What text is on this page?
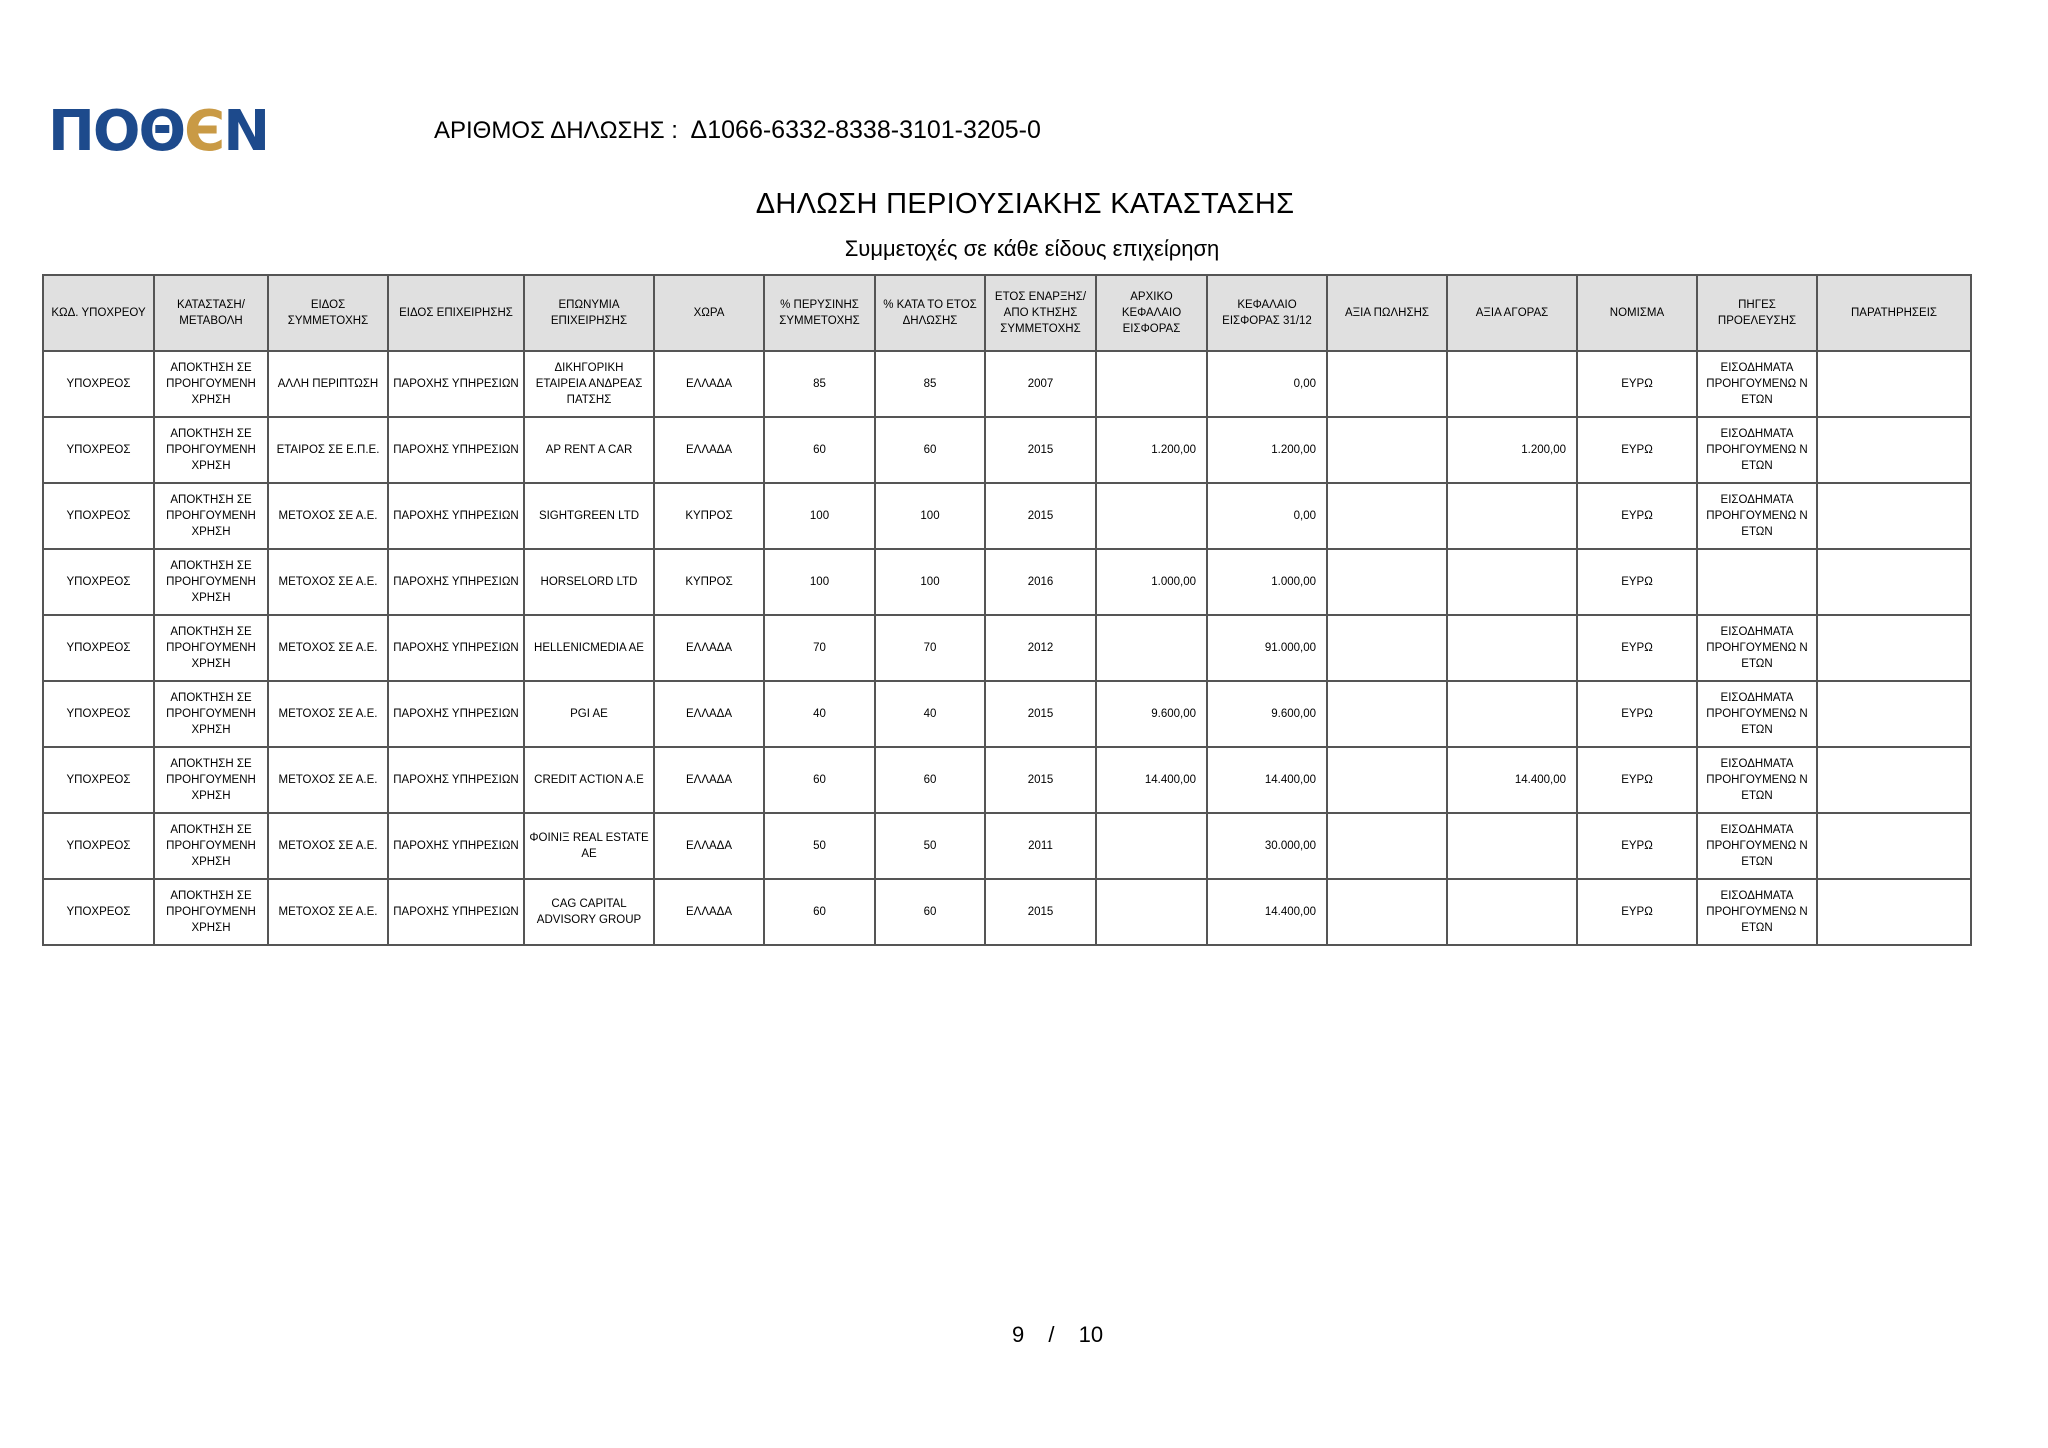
ΠΟΘ Є Ν	ΑΡΙΘΜΟΣ ΔΗΛΩΣΗΣ : Δ1066-6332-8338-3101-3205-0
ΔΗΛΩΣΗ ΠΕΡΙΟΥΣΙΑΚΗΣ ΚΑΤΑΣΤΑΣΗΣ
Συμμετοχές σε κάθε είδους επιχείρηση
ΚΩΔ. ΥΠΟΧΡΕΟΥ	ΚΑΤΑΣΤΑΣΗ/ ΜΕΤΑΒΟΛΗ	ΕΙΔΟΣ ΣΥΜΜΕΤΟΧΗΣ	ΕΙΔΟΣ ΕΠΙΧΕΙΡΗΣΗΣ	ΕΠΩΝΥΜΙΑ ΕΠΙΧΕΙΡΗΣΗΣ	ΧΩΡΑ	% ΠΕΡΥΣΙΝΗΣ ΣΥΜΜΕΤΟΧΗΣ	% ΚΑΤΑ ΤΟ ΕΤΟΣ ΔΗΛΩΣΗΣ	ΕΤΟΣ ΕΝΑΡΞΗΣ/ΑΠΟ ΚΤΗΣΗΣ ΣΥΜΜΕΤΟΧΗΣ	ΑΡΧΙΚΟ ΚΕΦΑΛΑΙΟ ΕΙΣΦΟΡΑΣ	ΚΕΦΑΛΑΙΟ ΕΙΣΦΟΡΑΣ 31/12	ΑΞΙΑ ΠΩΛΗΣΗΣ	ΑΞΙΑ ΑΓΟΡΑΣ	ΝΟΜΙΣΜΑ	ΠΗΓΕΣ ΠΡΟΕΛΕΥΣΗΣ	ΠΑΡΑΤΗΡΗΣΕΙΣ
ΥΠΟΧΡΕΟΣ	ΑΠΟΚΤΗΣΗ ΣΕ ΠΡΟΗΓΟΥΜΕΝΗ ΧΡΗΣΗ	ΑΛΛΗ ΠΕΡΙΠΤΩΣΗ	ΠΑΡΟΧΗΣ ΥΠΗΡΕΣΙΩΝ	ΔΙΚΗΓΟΡΙΚΗ ΕΤΑΙΡΕΙΑ ΑΝΔΡΕΑΣ ΠΑΤΣΗΣ	ΕΛΛΑΔΑ	85	85	2007		0,00			ΕΥΡΩ	ΕΙΣΟΔΗΜΑΤΑ ΠΡΟΗΓΟΥΜΕΝΩ Ν ΕΤΩΝ	
ΥΠΟΧΡΕΟΣ	ΑΠΟΚΤΗΣΗ ΣΕ ΠΡΟΗΓΟΥΜΕΝΗ ΧΡΗΣΗ	ΕΤΑΙΡΟΣ ΣΕ Ε.Π.Ε.	ΠΑΡΟΧΗΣ ΥΠΗΡΕΣΙΩΝ	AP RENT A CAR	ΕΛΛΑΔΑ	60	60	2015	1.200,00	1.200,00		1.200,00	ΕΥΡΩ	ΕΙΣΟΔΗΜΑΤΑ ΠΡΟΗΓΟΥΜΕΝΩ Ν ΕΤΩΝ	
ΥΠΟΧΡΕΟΣ	ΑΠΟΚΤΗΣΗ ΣΕ ΠΡΟΗΓΟΥΜΕΝΗ ΧΡΗΣΗ	ΜΕΤΟΧΟΣ ΣΕ Α.Ε.	ΠΑΡΟΧΗΣ ΥΠΗΡΕΣΙΩΝ	SIGHTGREEN LTD	ΚΥΠΡΟΣ	100	100	2015		0,00			ΕΥΡΩ	ΕΙΣΟΔΗΜΑΤΑ ΠΡΟΗΓΟΥΜΕΝΩ Ν ΕΤΩΝ	
ΥΠΟΧΡΕΟΣ	ΑΠΟΚΤΗΣΗ ΣΕ ΠΡΟΗΓΟΥΜΕΝΗ ΧΡΗΣΗ	ΜΕΤΟΧΟΣ ΣΕ Α.Ε.	ΠΑΡΟΧΗΣ ΥΠΗΡΕΣΙΩΝ	HORSELORD LTD	ΚΥΠΡΟΣ	100	100	2016	1.000,00	1.000,00			ΕΥΡΩ		
ΥΠΟΧΡΕΟΣ	ΑΠΟΚΤΗΣΗ ΣΕ ΠΡΟΗΓΟΥΜΕΝΗ ΧΡΗΣΗ	ΜΕΤΟΧΟΣ ΣΕ Α.Ε.	ΠΑΡΟΧΗΣ ΥΠΗΡΕΣΙΩΝ	HELLENICMEDIA AE	ΕΛΛΑΔΑ	70	70	2012		91.000,00			ΕΥΡΩ	ΕΙΣΟΔΗΜΑΤΑ ΠΡΟΗΓΟΥΜΕΝΩ Ν ΕΤΩΝ	
ΥΠΟΧΡΕΟΣ	ΑΠΟΚΤΗΣΗ ΣΕ ΠΡΟΗΓΟΥΜΕΝΗ ΧΡΗΣΗ	ΜΕΤΟΧΟΣ ΣΕ Α.Ε.	ΠΑΡΟΧΗΣ ΥΠΗΡΕΣΙΩΝ	PGI AE	ΕΛΛΑΔΑ	40	40	2015	9.600,00	9.600,00			ΕΥΡΩ	ΕΙΣΟΔΗΜΑΤΑ ΠΡΟΗΓΟΥΜΕΝΩ Ν ΕΤΩΝ	
ΥΠΟΧΡΕΟΣ	ΑΠΟΚΤΗΣΗ ΣΕ ΠΡΟΗΓΟΥΜΕΝΗ ΧΡΗΣΗ	ΜΕΤΟΧΟΣ ΣΕ Α.Ε.	ΠΑΡΟΧΗΣ ΥΠΗΡΕΣΙΩΝ	CREDIT ACTION A.E	ΕΛΛΑΔΑ	60	60	2015	14.400,00	14.400,00		14.400,00	ΕΥΡΩ	ΕΙΣΟΔΗΜΑΤΑ ΠΡΟΗΓΟΥΜΕΝΩ Ν ΕΤΩΝ	
ΥΠΟΧΡΕΟΣ	ΑΠΟΚΤΗΣΗ ΣΕ ΠΡΟΗΓΟΥΜΕΝΗ ΧΡΗΣΗ	ΜΕΤΟΧΟΣ ΣΕ Α.Ε.	ΠΑΡΟΧΗΣ ΥΠΗΡΕΣΙΩΝ	ΦΟΙΝΙΞ REAL ESTATE AE	ΕΛΛΑΔΑ	50	50	2011		30.000,00			ΕΥΡΩ	ΕΙΣΟΔΗΜΑΤΑ ΠΡΟΗΓΟΥΜΕΝΩ Ν ΕΤΩΝ	
ΥΠΟΧΡΕΟΣ	ΑΠΟΚΤΗΣΗ ΣΕ ΠΡΟΗΓΟΥΜΕΝΗ ΧΡΗΣΗ	ΜΕΤΟΧΟΣ ΣΕ Α.Ε.	ΠΑΡΟΧΗΣ ΥΠΗΡΕΣΙΩΝ	CAG CAPITAL ADVISORY GROUP	ΕΛΛΑΔΑ	60	60	2015		14.400,00			ΕΥΡΩ	ΕΙΣΟΔΗΜΑΤΑ ΠΡΟΗΓΟΥΜΕΝΩ Ν ΕΤΩΝ	
9 / 10
